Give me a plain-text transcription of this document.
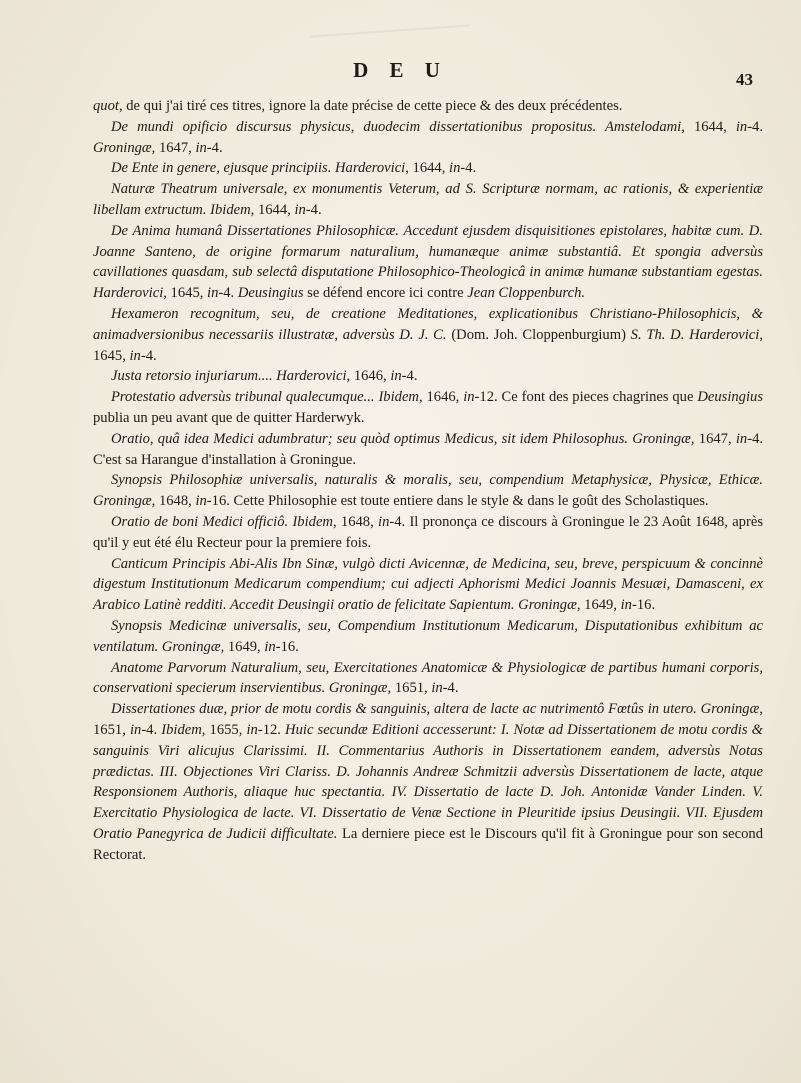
D E U	43

quot, de qui j'ai tiré ces titres, ignore la date précise de cette piece & des deux précédentes.

De mundi opificio discursus physicus, duodecim dissertationibus propositus. Amstelodami, 1644, in-4. Groningæ, 1647, in-4.

De Ente in genere, ejusque principiis. Harderovici, 1644, in-4.

Naturæ Theatrum universale, ex monumentis Veterum, ad S. Scripturæ normam, ac rationis, & experientiæ libellam extructum. Ibidem, 1644, in-4.

De Anima humanâ Dissertationes Philosophicæ. Accedunt ejusdem disquisitiones epistolares, habitæ cum. D. Joanne Santeno, de origine formarum naturalium, humanæque animæ substantiâ. Et spongia adversùs cavillationes quasdam, sub selectâ disputatione Philosophico-Theologicâ in animæ humanæ substantiam egestas. Harderovici, 1645, in-4. Deusingius se défend encore ici contre Jean Cloppenburch.

Hexameron recognitum, seu, de creatione Meditationes, explicationibus Christiano-Philosophicis, & animadversionibus necessariis illustratæ, adversùs D. J. C. (Dom. Joh. Cloppenburgium) S. Th. D. Harderovici, 1645, in-4.

Justa retorsio injuriarum.... Harderovici, 1646, in-4.

Protestatio adversùs tribunal qualecumque... Ibidem, 1646, in-12. Ce font des pieces chagrines que Deusingius publia un peu avant que de quitter Harderwyk.

Oratio, quâ idea Medici adumbratur; seu quòd optimus Medicus, sit idem Philosophus. Groningæ, 1647, in-4. C'est sa Harangue d'installation à Groningue.

Synopsis Philosophiæ universalis, naturalis & moralis, seu, compendium Metaphysicæ, Physicæ, Ethicæ. Groningæ, 1648, in-16. Cette Philosophie est toute entiere dans le style & dans le goût des Scholastiques.

Oratio de boni Medici officiô. Ibidem, 1648, in-4. Il prononça ce discours à Groningue le 23 Août 1648, après qu'il y eut été élu Recteur pour la premiere fois.

Canticum Principis Abi-Alis Ibn Sinæ, vulgò dicti Avicennæ, de Medicina, seu, breve, perspicuum & concinnè digestum Institutionum Medicarum compendium; cui adjecti Aphorismi Medici Joannis Mesuæi, Damasceni, ex Arabico Latinè redditi. Accedit Deusingii oratio de felicitate Sapientum. Groningæ, 1649, in-16.

Synopsis Medicinæ universalis, seu, Compendium Institutionum Medicarum, Disputationibus exhibitum ac ventilatum. Groningæ, 1649, in-16.

Anatome Parvorum Naturalium, seu, Exercitationes Anatomicæ & Physiologicæ de partibus humani corporis, conservationi specierum inservientibus. Groningæ, 1651, in-4.

Dissertationes duæ, prior de motu cordis & sanguinis, altera de lacte ac nutrimentô Fœtûs in utero. Groningæ, 1651, in-4. Ibidem, 1655, in-12. Huic secundæ Editioni accesserunt: I. Notæ ad Dissertationem de motu cordis & sanguinis Viri alicujus Clarissimi. II. Commentarius Authoris in Dissertationem eandem, adversùs Notas prædictas. III. Objectiones Viri Clariss. D. Johannis Andreæ Schmitzii adversùs Dissertationem de lacte, atque Responsionem Authoris, aliaque huc spectantia. IV. Dissertatio de lacte D. Joh. Antonidæ Vander Linden. V. Exercitatio Physiologica de lacte. VI. Dissertatio de Venæ Sectione in Pleuritide ipsius Deusingii. VII. Ejusdem Oratio Panegyrica de Judicii difficultate. La derniere piece est le Discours qu'il fit à Groningue pour son second Rectorat.
